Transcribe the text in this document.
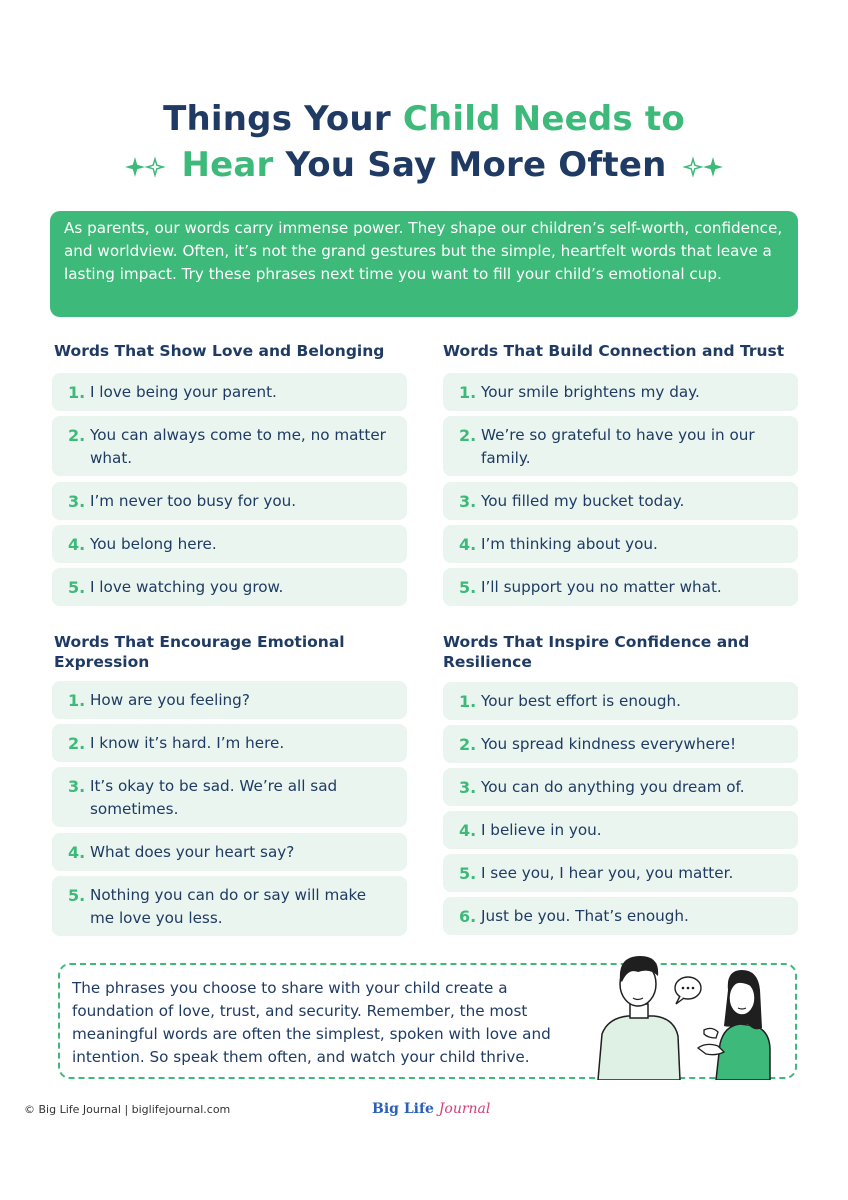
Things Your Child Needs to
Hear You Say More Often
As parents, our words carry immense power. They shape our children’s self-worth, confidence, and worldview. Often, it’s not the grand gestures but the simple, heartfelt words that leave a lasting impact. Try these phrases next time you want to fill your child’s emotional cup.
Words That Show Love and Belonging
1. I love being your parent.
2. You can always come to me, no matter what.
3. I’m never too busy for you.
4. You belong here.
5. I love watching you grow.
Words That Build Connection and Trust
1. Your smile brightens my day.
2. We’re so grateful to have you in our family.
3. You filled my bucket today.
4. I’m thinking about you.
5. I’ll support you no matter what.
Words That Encourage Emotional Expression
1. How are you feeling?
2. I know it’s hard. I’m here.
3. It’s okay to be sad. We’re all sad sometimes.
4. What does your heart say?
5. Nothing you can do or say will make me love you less.
Words That Inspire Confidence and Resilience
1. Your best effort is enough.
2. You spread kindness everywhere!
3. You can do anything you dream of.
4. I believe in you.
5. I see you, I hear you, you matter.
6. Just be you. That’s enough.
The phrases you choose to share with your child create a foundation of love, trust, and security. Remember, the most meaningful words are often the simplest, spoken with love and intention. So speak them often, and watch your child thrive.
© Big Life Journal | biglifejournal.com	Big Life Journal
